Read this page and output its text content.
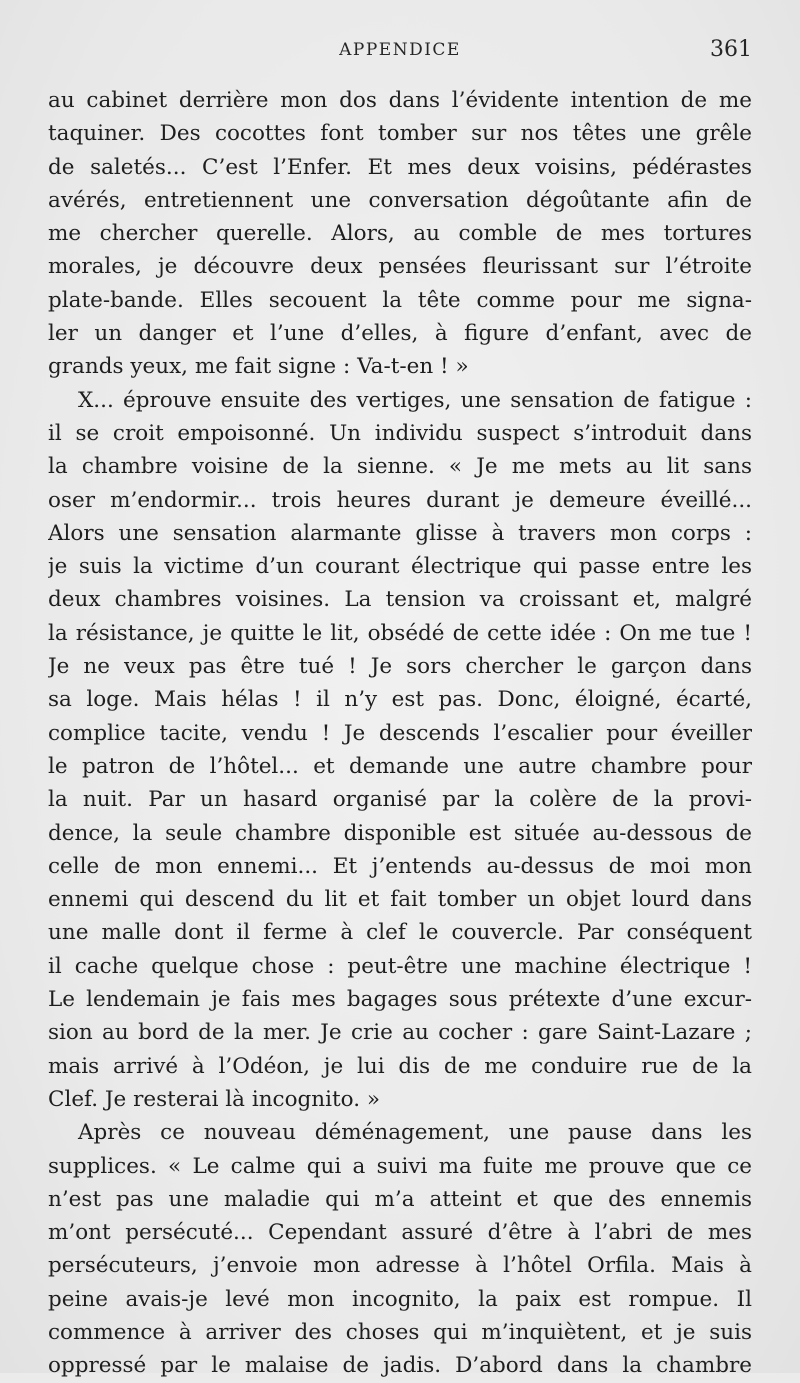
APPENDICE	361
au cabinet derrière mon dos dans l’évidente intention de me
taquiner. Des cocottes font tomber sur nos têtes une grêle
de saletés... C’est l’Enfer. Et mes deux voisins, pédérastes
avérés, entretiennent une conversation dégoûtante afin de
me chercher querelle. Alors, au comble de mes tortures
morales, je découvre deux pensées fleurissant sur l’étroite
plate-bande. Elles secouent la tête comme pour me signa-
ler un danger et l’une d’elles, à figure d’enfant, avec de
grands yeux, me fait signe : Va-t-en ! »
X... éprouve ensuite des vertiges, une sensation de fatigue :
il se croit empoisonné. Un individu suspect s’introduit dans
la chambre voisine de la sienne. « Je me mets au lit sans
oser m’endormir... trois heures durant je demeure éveillé...
Alors une sensation alarmante glisse à travers mon corps :
je suis la victime d’un courant électrique qui passe entre les
deux chambres voisines. La tension va croissant et, malgré
la résistance, je quitte le lit, obsédé de cette idée : On me tue !
Je ne veux pas être tué ! Je sors chercher le garçon dans
sa loge. Mais hélas ! il n’y est pas. Donc, éloigné, écarté,
complice tacite, vendu ! Je descends l’escalier pour éveiller
le patron de l’hôtel... et demande une autre chambre pour
la nuit. Par un hasard organisé par la colère de la provi-
dence, la seule chambre disponible est située au-dessous de
celle de mon ennemi... Et j’entends au-dessus de moi mon
ennemi qui descend du lit et fait tomber un objet lourd dans
une malle dont il ferme à clef le couvercle. Par conséquent
il cache quelque chose : peut-être une machine électrique !
Le lendemain je fais mes bagages sous prétexte d’une excur-
sion au bord de la mer. Je crie au cocher : gare Saint-Lazare ;
mais arrivé à l’Odéon, je lui dis de me conduire rue de la
Clef. Je resterai là incognito. »
Après ce nouveau déménagement, une pause dans les
supplices. « Le calme qui a suivi ma fuite me prouve que ce
n’est pas une maladie qui m’a atteint et que des ennemis
m’ont persécuté... Cependant assuré d’être à l’abri de mes
persécuteurs, j’envoie mon adresse à l’hôtel Orfila. Mais à
peine avais-je levé mon incognito, la paix est rompue. Il
commence à arriver des choses qui m’inquiètent, et je suis
oppressé par le malaise de jadis. D’abord dans la chambre
